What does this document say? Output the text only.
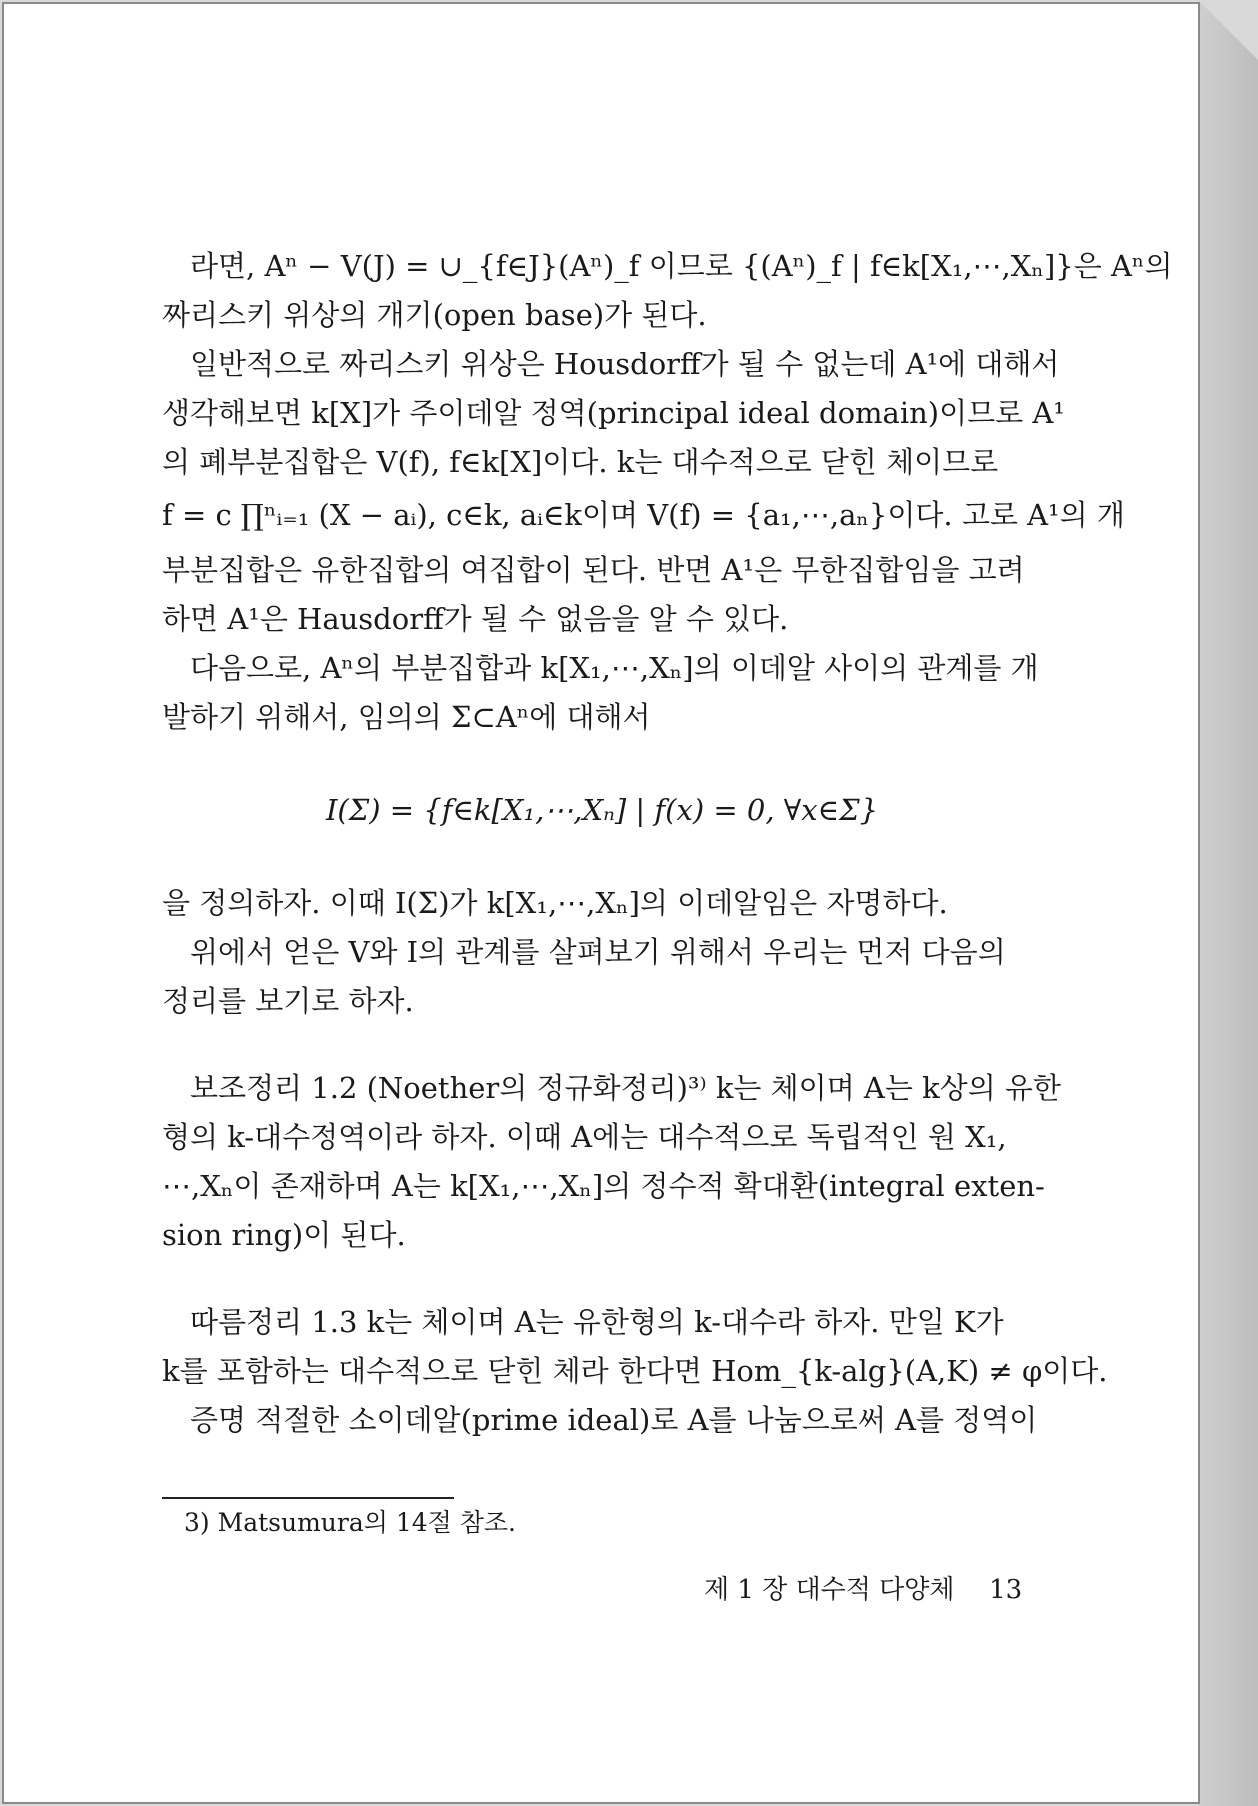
라면, Aⁿ − V(J) = ∪_{f∈J}(Aⁿ)_f 이므로 {(Aⁿ)_f | f∈k[X₁,⋯,Xₙ]}은 Aⁿ의
짜리스키 위상의 개기(open base)가 된다.
일반적으로 짜리스키 위상은 Housdorff가 될 수 없는데 A¹에 대해서
생각해보면 k[X]가 주이데알 정역(principal ideal domain)이므로 A¹
의 폐부분집합은 V(f), f∈k[X]이다. k는 대수적으로 닫힌 체이므로
f = c ∏ⁿᵢ₌₁ (X − aᵢ), c∈k, aᵢ∈k이며 V(f) = {a₁,⋯,aₙ}이다. 고로 A¹의 개
부분집합은 유한집합의 여집합이 된다. 반면 A¹은 무한집합임을 고려
하면 A¹은 Hausdorff가 될 수 없음을 알 수 있다.
다음으로, Aⁿ의 부분집합과 k[X₁,⋯,Xₙ]의 이데알 사이의 관계를 개
발하기 위해서, 임의의 Σ⊂Aⁿ에 대해서
I(Σ) = {f∈k[X₁,⋯,Xₙ] | f(x) = 0, ∀x∈Σ}
을 정의하자. 이때 I(Σ)가 k[X₁,⋯,Xₙ]의 이데알임은 자명하다.
위에서 얻은 V와 I의 관계를 살펴보기 위해서 우리는 먼저 다음의
정리를 보기로 하자.
보조정리 1.2 (Noether의 정규화정리)³⁾ k는 체이며 A는 k상의 유한
형의 k-대수정역이라 하자. 이때 A에는 대수적으로 독립적인 원 X₁,
⋯,Xₙ이 존재하며 A는 k[X₁,⋯,Xₙ]의 정수적 확대환(integral exten-
sion ring)이 된다.
따름정리 1.3 k는 체이며 A는 유한형의 k-대수라 하자. 만일 K가
k를 포함하는 대수적으로 닫힌 체라 한다면 Hom_{k-alg}(A,K) ≠ φ이다.
증명 적절한 소이데알(prime ideal)로 A를 나눔으로써 A를 정역이
3) Matsumura의 14절 참조.
제 1 장 대수적 다양체 13
